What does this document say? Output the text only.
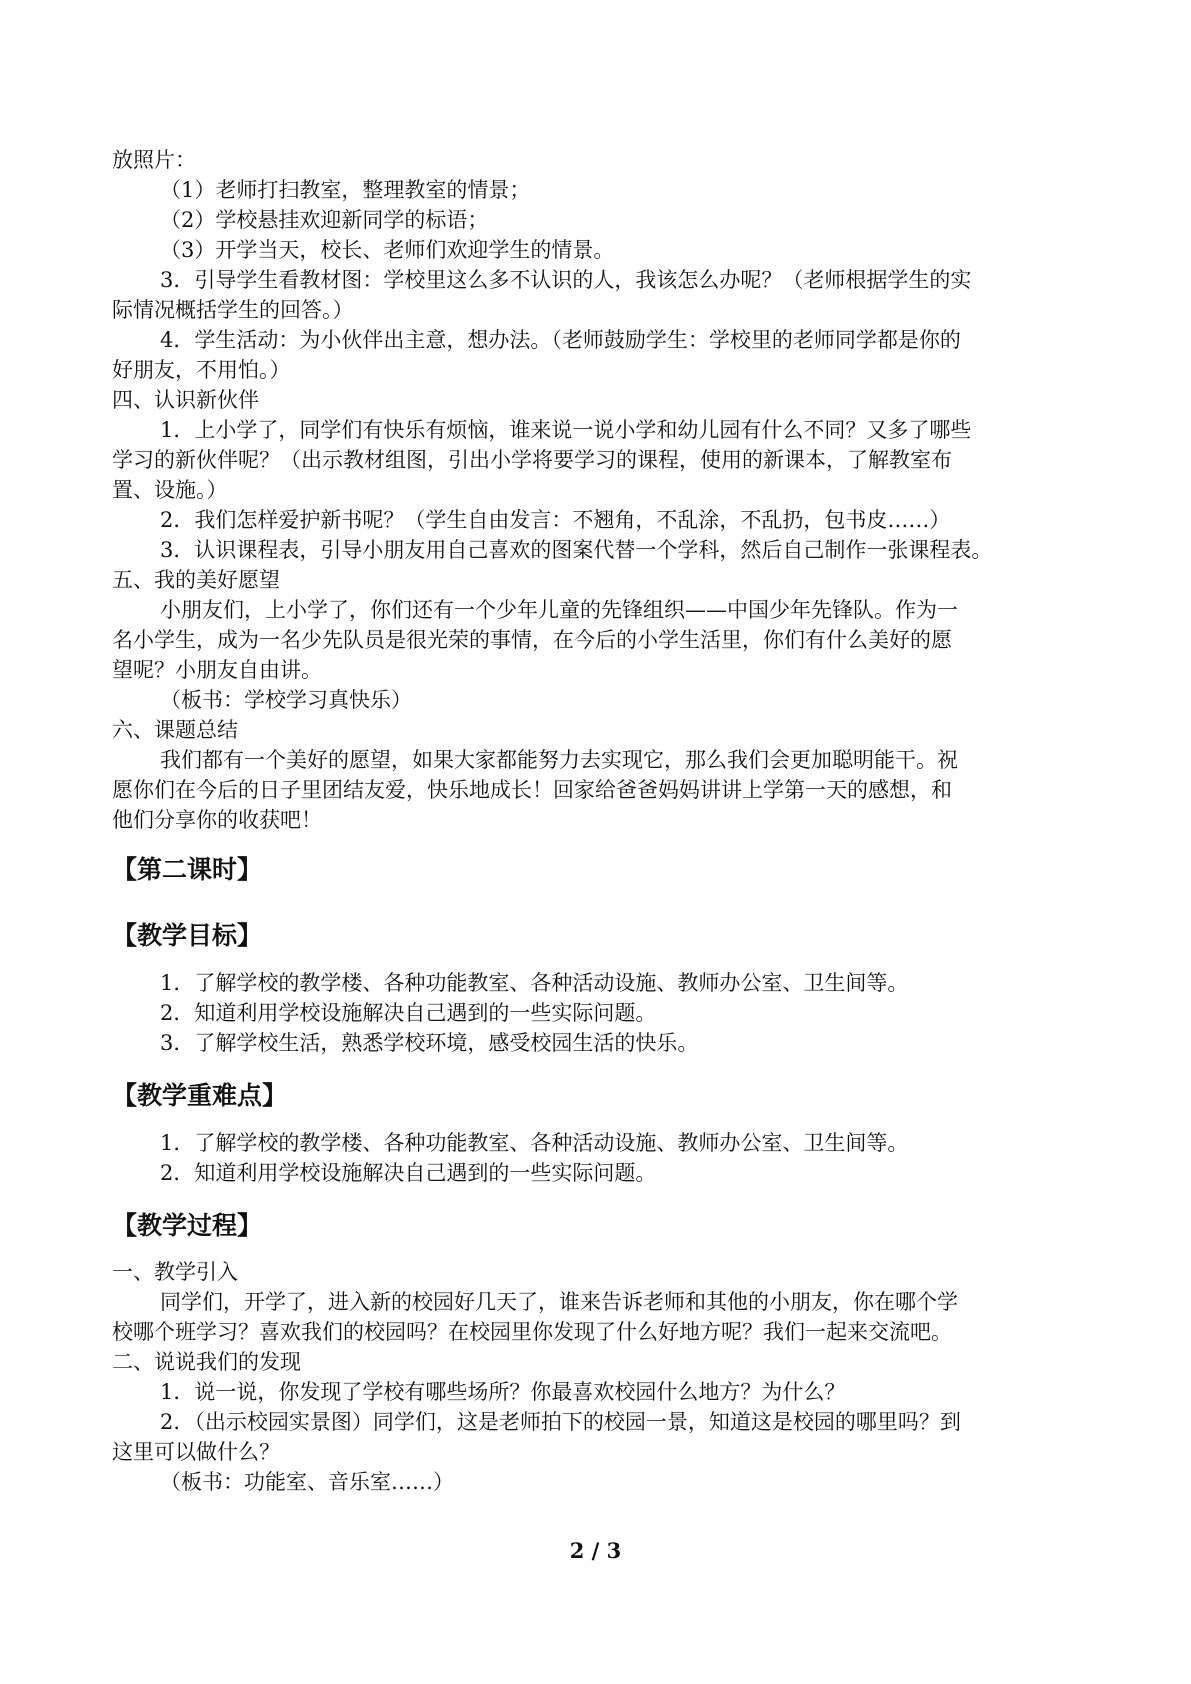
放照片：
（1）老师打扫教室，整理教室的情景；
（2）学校悬挂欢迎新同学的标语；
（3）开学当天，校长、老师们欢迎学生的情景。
3．引导学生看教材图：学校里这么多不认识的人，我该怎么办呢？（老师根据学生的实
际情况概括学生的回答。）
4．学生活动：为小伙伴出主意，想办法。（老师鼓励学生：学校里的老师同学都是你的
好朋友，不用怕。）
四、认识新伙伴
1．上小学了，同学们有快乐有烦恼，谁来说一说小学和幼儿园有什么不同？又多了哪些
学习的新伙伴呢？（出示教材组图，引出小学将要学习的课程，使用的新课本，了解教室布
置、设施。）
2．我们怎样爱护新书呢？（学生自由发言：不翘角，不乱涂，不乱扔，包书皮……）
3．认识课程表，引导小朋友用自己喜欢的图案代替一个学科，然后自己制作一张课程表。
五、我的美好愿望
小朋友们，上小学了，你们还有一个少年儿童的先锋组织——中国少年先锋队。作为一
名小学生，成为一名少先队员是很光荣的事情，在今后的小学生活里，你们有什么美好的愿
望呢？小朋友自由讲。
（板书：学校学习真快乐）
六、课题总结
我们都有一个美好的愿望，如果大家都能努力去实现它，那么我们会更加聪明能干。祝
愿你们在今后的日子里团结友爱，快乐地成长！回家给爸爸妈妈讲讲上学第一天的感想，和
他们分享你的收获吧！
【第二课时】
【教学目标】
1．了解学校的教学楼、各种功能教室、各种活动设施、教师办公室、卫生间等。
2．知道利用学校设施解决自己遇到的一些实际问题。
3．了解学校生活，熟悉学校环境，感受校园生活的快乐。
【教学重难点】
1．了解学校的教学楼、各种功能教室、各种活动设施、教师办公室、卫生间等。
2．知道利用学校设施解决自己遇到的一些实际问题。
【教学过程】
一、教学引入
同学们，开学了，进入新的校园好几天了，谁来告诉老师和其他的小朋友，你在哪个学
校哪个班学习？喜欢我们的校园吗？在校园里你发现了什么好地方呢？我们一起来交流吧。
二、说说我们的发现
1．说一说，你发现了学校有哪些场所？你最喜欢校园什么地方？为什么？
2．（出示校园实景图）同学们，这是老师拍下的校园一景，知道这是校园的哪里吗？到
这里可以做什么？
（板书：功能室、音乐室……）
2 / 3
